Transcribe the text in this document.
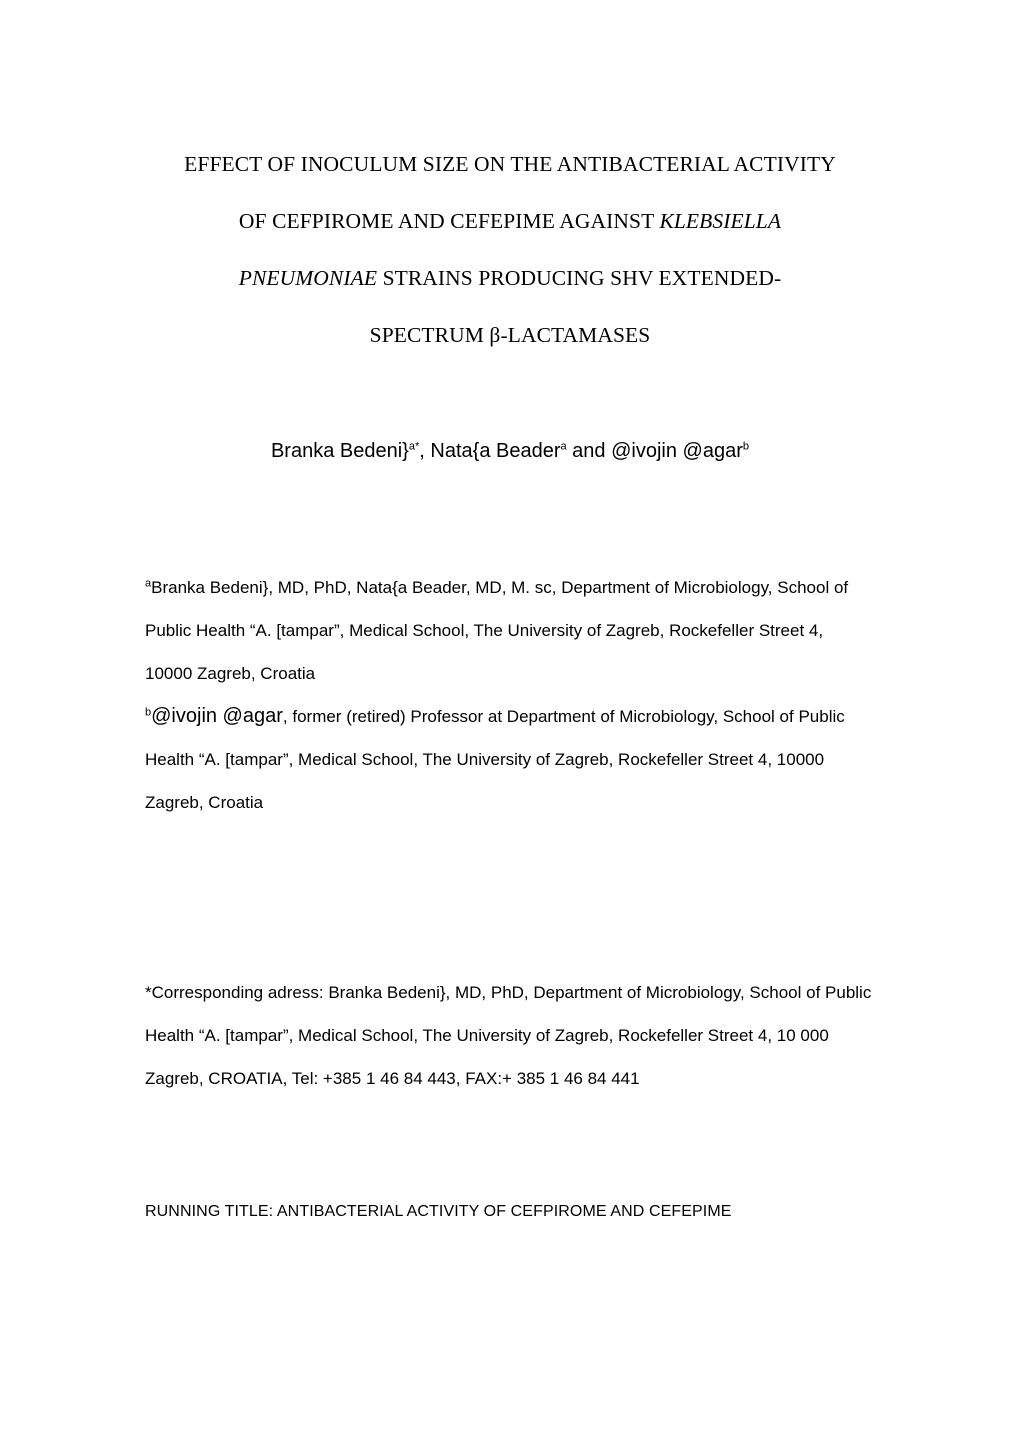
EFFECT OF INOCULUM SIZE ON THE ANTIBACTERIAL ACTIVITY
OF CEFPIROME AND CEFEPIME AGAINST KLEBSIELLA
PNEUMONIAE STRAINS PRODUCING SHV EXTENDED-
SPECTRUM β-LACTAMASES
Branka Bedeni}$^{a*}$, Nata{a Beader$^a$ and @ivojin @agar$^b$

$^a$Branka Bedeni}, MD, PhD, Nata{a Beader, MD, M. sc, Department of Microbiology, School of Public Health “A. [tampar”, Medical School, The University of Zagreb, Rockefeller Street 4, 10000 Zagreb, Croatia

$^b$@ivojin @agar, former (retired) Professor at Department of Microbiology, School of Public Health “A. [tampar”, Medical School, The University of Zagreb, Rockefeller Street 4, 10000 Zagreb, Croatia

*Corresponding adress: Branka Bedeni}, MD, PhD, Department of Microbiology, School of Public Health “A. [tampar”, Medical School, The University of Zagreb, Rockefeller Street 4, 10 000 Zagreb, CROATIA, Tel: +385 1 46 84 443, FAX:+ 385 1 46 84 441

RUNNING TITLE: ANTIBACTERIAL ACTIVITY OF CEFPIROME AND CEFEPIME
